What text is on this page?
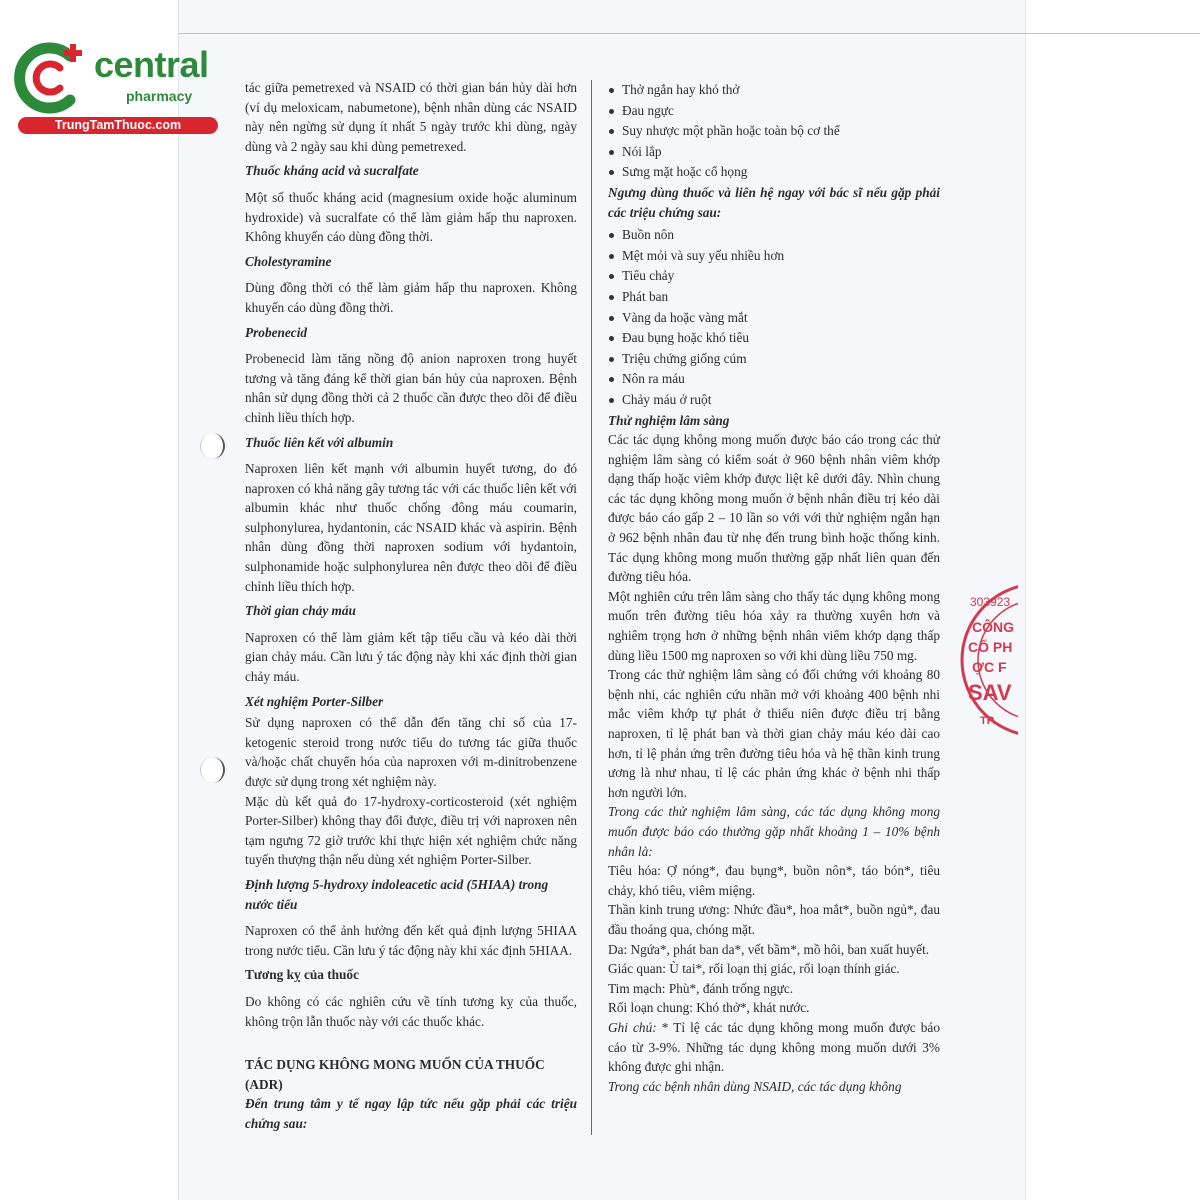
central
pharmacy
TrungTamThuoc.com
303923
CÔNG
CỔ PH
ỢC F
SAV
TP.

tác giữa pemetrexed và NSAID có thời gian bán hủy dài hơn (ví dụ meloxicam, nabumetone), bệnh nhân dùng các NSAID này nên ngừng sử dụng ít nhất 5 ngày trước khi dùng, ngày dùng và 2 ngày sau khi dùng pemetrexed.

Thuốc kháng acid và sucralfate

Một số thuốc kháng acid (magnesium oxide hoặc aluminum hydroxide) và sucralfate có thể làm giảm hấp thu naproxen. Không khuyến cáo dùng đồng thời.

Cholestyramine

Dùng đồng thời có thể làm giảm hấp thu naproxen. Không khuyến cáo dùng đồng thời.

Probenecid

Probenecid làm tăng nồng độ anion naproxen trong huyết tương và tăng đáng kể thời gian bán hủy của naproxen. Bệnh nhân sử dụng đồng thời cả 2 thuốc cần được theo dõi để điều chỉnh liều thích hợp.

Thuốc liên kết với albumin

Naproxen liên kết mạnh với albumin huyết tương, do đó naproxen có khả năng gây tương tác với các thuốc liên kết với albumin khác như thuốc chống đông máu coumarin, sulphonylurea, hydantonin, các NSAID khác và aspirin. Bệnh nhân dùng đồng thời naproxen sodium với hydantoin, sulphonamide hoặc sulphonylurea nên được theo dõi để điều chỉnh liều thích hợp.

Thời gian chảy máu

Naproxen có thể làm giảm kết tập tiểu cầu và kéo dài thời gian chảy máu. Cần lưu ý tác động này khi xác định thời gian chảy máu.

Xét nghiệm Porter-Silber

Sử dụng naproxen có thể dẫn đến tăng chỉ số của 17-ketogenic steroid trong nước tiểu do tương tác giữa thuốc và/hoặc chất chuyển hóa của naproxen với m-dinitrobenzene được sử dụng trong xét nghiệm này.

Mặc dù kết quả đo 17-hydroxy-corticosteroid (xét nghiệm Porter-Silber) không thay đổi được, điều trị với naproxen nên tạm ngưng 72 giờ trước khi thực hiện xét nghiệm chức năng tuyến thượng thận nếu dùng xét nghiệm Porter-Silber.

Định lượng 5-hydroxy indoleacetic acid (5HIAA) trong nước tiểu

Naproxen có thể ảnh hưởng đến kết quả định lượng 5HIAA trong nước tiểu. Cần lưu ý tác động này khi xác định 5HIAA.

Tương kỵ của thuốc

Do không có các nghiên cứu về tính tương kỵ của thuốc, không trộn lẫn thuốc này với các thuốc khác.

TÁC DỤNG KHÔNG MONG MUỐN CỦA THUỐC (ADR)

Đến trung tâm y tế ngay lập tức nếu gặp phải các triệu chứng sau:

Thở ngắn hay khó thở
Đau ngực
Suy nhược một phần hoặc toàn bộ cơ thể
Nói lắp
Sưng mặt hoặc cổ họng

Ngưng dùng thuốc và liên hệ ngay với bác sĩ nếu gặp phải các triệu chứng sau:

Buồn nôn
Mệt mỏi và suy yếu nhiều hơn
Tiêu chảy
Phát ban
Vàng da hoặc vàng mắt
Đau bụng hoặc khó tiêu
Triệu chứng giống cúm
Nôn ra máu
Chảy máu ở ruột
Thử nghiệm lâm sàng

Các tác dụng không mong muốn được báo cáo trong các thử nghiệm lâm sàng có kiểm soát ở 960 bệnh nhân viêm khớp dạng thấp hoặc viêm khớp được liệt kê dưới đây. Nhìn chung các tác dụng không mong muốn ở bệnh nhân điều trị kéo dài được báo cáo gấp 2 – 10 lần so với với thử nghiệm ngắn hạn ở 962 bệnh nhân đau từ nhẹ đến trung bình hoặc thống kinh. Tác dụng không mong muốn thường gặp nhất liên quan đến đường tiêu hóa.

Một nghiên cứu trên lâm sàng cho thấy tác dụng không mong muốn trên đường tiêu hóa xảy ra thường xuyên hơn và nghiêm trọng hơn ở những bệnh nhân viêm khớp dạng thấp dùng liều 1500 mg naproxen so với khi dùng liều 750 mg.

Trong các thử nghiệm lâm sàng có đối chứng với khoảng 80 bệnh nhi, các nghiên cứu nhãn mở với khoảng 400 bệnh nhi mắc viêm khớp tự phát ở thiếu niên được điều trị bằng naproxen, tỉ lệ phát ban và thời gian chảy máu kéo dài cao hơn, tỉ lệ phản ứng trên đường tiêu hóa và hệ thần kinh trung ương là như nhau, tỉ lệ các phản ứng khác ở bệnh nhi thấp hơn người lớn.

Trong các thử nghiệm lâm sàng, các tác dụng không mong muốn được báo cáo thường gặp nhất khoảng 1 – 10% bệnh nhân là:

Tiêu hóa: Ợ nóng*, đau bụng*, buồn nôn*, táo bón*, tiêu chảy, khó tiêu, viêm miệng.

Thần kinh trung ương: Nhức đầu*, hoa mắt*, buồn ngủ*, đau đầu thoáng qua, chóng mặt.

Da: Ngứa*, phát ban da*, vết bầm*, mồ hôi, ban xuất huyết.

Giác quan: Ù tai*, rối loạn thị giác, rối loạn thính giác.

Tim mạch: Phù*, đánh trống ngực.

Rối loạn chung: Khó thở*, khát nước.

Ghi chú: * Tỉ lệ các tác dụng không mong muốn được báo cáo từ 3-9%. Những tác dụng không mong muốn dưới 3% không được ghi nhận.

Trong các bệnh nhân dùng NSAID, các tác dụng không
